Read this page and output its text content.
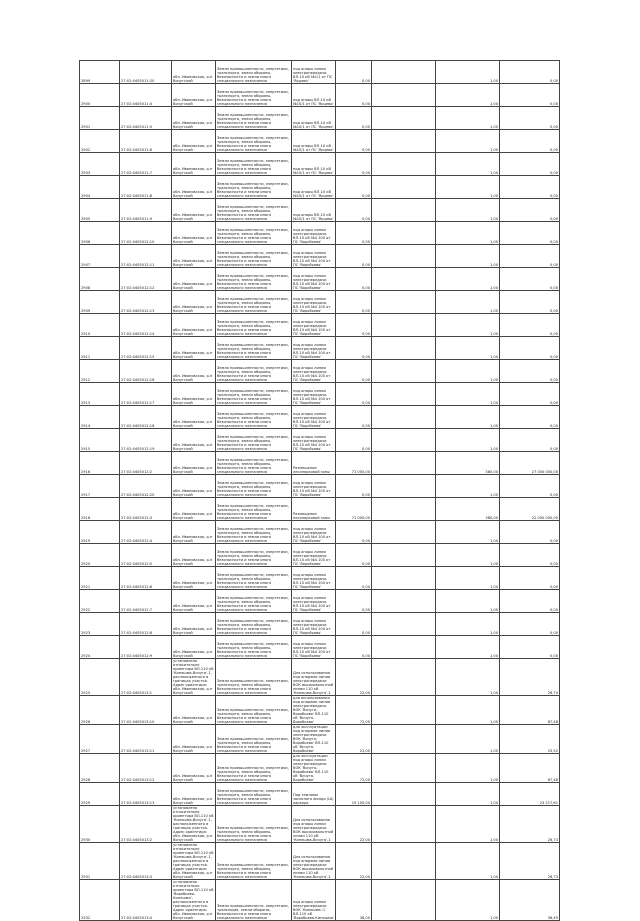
2899	27:02:0405011:20	обл. Ивановская, р-н Вичугский	Земли промышленности, энергетики, транспорта, земли обороны, безопасности и земли иного специального назначения	под опоры линии электропередачи ВЛ-10 кВ №1/1 от ПС 'Ярцево'	0,00		1,00	0,00
2900	27:02:0405011:4	обл. Ивановская, р-н Вичугский	Земли промышленности, энергетики, транспорта, земли обороны, безопасности и земли иного специального назначения	под опоры ВЛ-10 кВ №10/1 от ПС 'Ярцево'	0,00		1,00	0,00
2901	27:02:0405011:5	обл. Ивановская, р-н Вичугский	Земли промышленности, энергетики, транспорта, земли обороны, безопасности и земли иного специального назначения	под опоры ВЛ-10 кВ №10/1 от ПС 'Ярцево'	0,00		1,00	0,00
2902	27:02:0405011:6	обл. Ивановская, р-н Вичугский	Земли промышленности, энергетики, транспорта, земли обороны, безопасности и земли иного специального назначения	под опоры ВЛ-10 кВ №10/1 от ПС 'Ярцево'	0,00		1,00	0,00
2903	27:02:0405011:7	обл. Ивановская, р-н Вичугский	Земли промышленности, энергетики, транспорта, земли обороны, безопасности и земли иного специального назначения	под опоры ВЛ-10 кВ №10/1 от ПС 'Ярцево'	0,00		1,00	0,00
2904	27:02:0405011:8	обл. Ивановская, р-н Вичугский	Земли промышленности, энергетики, транспорта, земли обороны, безопасности и земли иного специального назначения	под опоры ВЛ-10 кВ №10/1 от ПС 'Ярцево'	0,00		1,00	0,00
2905	27:02:0405011:9	обл. Ивановская, р-н Вичугский	Земли промышленности, энергетики, транспорта, земли обороны, безопасности и земли иного специального назначения	под опоры ВЛ-10 кВ №10/1 от ПС 'Ярцево'	0,00		1,00	0,00
2906	27:02:0405012:10	обл. Ивановская, р-н Вичугский	Земли промышленности, энергетики, транспорта, земли обороны, безопасности и земли иного специального назначения	под опоры линии электропередачи ВЛ-10 кВ №4 100 от ПС 'Воробьево'	0,00		1,00	0,00
2907	27:02:0405012:11	обл. Ивановская, р-н Вичугский	Земли промышленности, энергетики, транспорта, земли обороны, безопасности и земли иного специального назначения	под опоры линии электропередачи ВЛ-10 кВ №4 100 от ПС 'Воробьево'	0,00		1,00	0,00
2908	27:02:0405012:12	обл. Ивановская, р-н Вичугский	Земли промышленности, энергетики, транспорта, земли обороны, безопасности и земли иного специального назначения	под опоры линии электропередачи ВЛ-10 кВ №4 100 от ПС 'Воробьево'	0,00		1,00	0,00
2909	27:02:0405012:13	обл. Ивановская, р-н Вичугский	Земли промышленности, энергетики, транспорта, земли обороны, безопасности и земли иного специального назначения	под опоры линии электропередачи ВЛ-10 кВ №4 100 от ПС 'Воробьево'	0,00		1,00	0,00
2910	27:02:0405012:14	обл. Ивановская, р-н Вичугский	Земли промышленности, энергетики, транспорта, земли обороны, безопасности и земли иного специального назначения	под опоры линии электропередачи ВЛ-10 кВ №4 100 от ПС 'Воробьево'	0,00		1,00	0,00
2911	27:02:0405012:15	обл. Ивановская, р-н Вичугский	Земли промышленности, энергетики, транспорта, земли обороны, безопасности и земли иного специального назначения	под опоры линии электропередачи ВЛ-10 кВ №4 100 от ПС 'Воробьево'	0,00		1,00	0,00
2912	27:02:0405012:16	обл. Ивановская, р-н Вичугский	Земли промышленности, энергетики, транспорта, земли обороны, безопасности и земли иного специального назначения	под опоры линии электропередачи ВЛ-10 кВ №4 100 от ПС 'Воробьево'	0,00		1,00	0,00
2913	27:02:0405012:17	обл. Ивановская, р-н Вичугский	Земли промышленности, энергетики, транспорта, земли обороны, безопасности и земли иного специального назначения	под опоры линии электропередачи ВЛ-10 кВ №4 100 от ПС 'Воробьево'	0,00		1,00	0,00
2914	27:02:0405012:18	обл. Ивановская, р-н Вичугский	Земли промышленности, энергетики, транспорта, земли обороны, безопасности и земли иного специального назначения	под опоры линии электропередачи ВЛ-10 кВ №4 100 от ПС 'Воробьево'	0,00		1,00	0,00
2915	27:02:0405012:19	обл. Ивановская, р-н Вичугский	Земли промышленности, энергетики, транспорта, земли обороны, безопасности и земли иного специального назначения	под опоры линии электропередачи ВЛ-10 кВ №4 100 от ПС 'Воробьево'	0,00		1,00	0,00
2916	27:02:0405012:2	обл. Ивановская, р-н Вичугский	Земли промышленности, энергетики, транспорта, земли обороны, безопасности и земли иного специального назначения	Размещение лесопарковой зоны	71 000,00		380,00	27 000 000,00
2917	27:02:0405012:20	обл. Ивановская, р-н Вичугский	Земли промышленности, энергетики, транспорта, земли обороны, безопасности и земли иного специального назначения	под опоры линии электропередачи ВЛ-10 кВ №4 100 от ПС 'Воробьево'	0,00		1,00	0,00
2918	27:02:0405012:3	обл. Ивановская, р-н Вичугский	Земли промышленности, энергетики, транспорта, земли обороны, безопасности и земли иного специального назначения	Размещение лесопарковой зоны	71 000,00		380,00	22 000 000,00
2919	27:02:0405012:4	обл. Ивановская, р-н Вичугский	Земли промышленности, энергетики, транспорта, земли обороны, безопасности и земли иного специального назначения	под опоры линии электропередачи ВЛ-10 кВ №4 100 от ПС 'Воробьево'	0,00		1,00	0,00
2920	27:02:0405012:5	обл. Ивановская, р-н Вичугский	Земли промышленности, энергетики, транспорта, земли обороны, безопасности и земли иного специального назначения	под опоры линии электропередачи ВЛ-10 кВ №4 100 от ПС 'Воробьево'	0,00		1,00	0,00
2921	27:02:0405012:6	обл. Ивановская, р-н Вичугский	Земли промышленности, энергетики, транспорта, земли обороны, безопасности и земли иного специального назначения	под опоры линии электропередачи ВЛ-10 кВ №4 100 от ПС 'Воробьево'	0,00		1,00	0,00
2922	27:02:0405012:7	обл. Ивановская, р-н Вичугский	Земли промышленности, энергетики, транспорта, земли обороны, безопасности и земли иного специального назначения	под опоры линии электропередачи ВЛ-10 кВ №4 100 от ПС 'Воробьево'	0,00		1,00	0,00
2923	27:02:0405012:8	обл. Ивановская, р-н Вичугский	Земли промышленности, энергетики, транспорта, земли обороны, безопасности и земли иного специального назначения	под опоры линии электропередачи ВЛ-10 кВ №4 100 от ПС 'Воробьево'	0,00		1,00	0,00
2924	27:02:0405012:9	обл. Ивановская, р-н Вичугский	Земли промышленности, энергетики, транспорта, земли обороны, безопасности и земли иного специального назначения	под опоры линии электропередачи ВЛ-10 кВ №4 100 от ПС 'Воробьево'	0,00		1,00	0,00
2925	27:02:0405013:1	установлено относительно ориентира ВЛ-110 кВ 'Кинешма-Вичуга'-1, расположенного в границах участка. Адрес ориентира: обл. Ивановская, р-н Вичугский	Земли промышленности, энергетики, транспорта, земли обороны, безопасности и земли иного специального назначения	Для использования под опорами линии электропередачи ВОК высоковольтной линии 110 кВ 'Кинешма-Вичуга'-1	22,00		1,00	26,70
2926	27:02:0405013:10	обл. Ивановская, р-н Вичугский	Земли промышленности, энергетики, транспорта, земли обороны, безопасности и земли иного специального назначения	для использования под опорами линии электропередачи ВОК 'Вичуга-Воробьево' ВЛ-110 кВ 'Вичуга-Воробьево'	72,00		1,00	87,48
2927	27:02:0405013:11	обл. Ивановская, р-н Вичугский	Земли промышленности, энергетики, транспорта, земли обороны, безопасности и земли иного специального назначения	для эксплуатации под опорами линии электропередачи ВОК 'Вичуга-Воробьево' ВЛ-110 кВ 'Вичуга-Воробьево'	21,00		1,00	25,52
2928	27:02:0405013:12	обл. Ивановская, р-н Вичугский	Земли промышленности, энергетики, транспорта, земли обороны, безопасности и земли иного специального назначения	для эксплуатации под опоры линии электропередачи ВОК 'Вичуга-Воробьево' ВЛ-110 кВ 'Вичуга-Воробьево'	72,00		1,00	87,48
2929	27:02:0405013:13	обл. Ивановская, р-н Вичугский	Земли промышленности, энергетики, транспорта, земли обороны, безопасности и земли иного специального назначения	Под землями запасного фонда (Ш) карьера	19 100,00		1,00	23 217,61
2930	27:02:0405013:2	установлено относительно ориентира ВЛ-110 кВ 'Кинешма-Вичуга'-1, расположенного в границах участка. Адрес ориентира: обл. Ивановская, р-н Вичугский	Земли промышленности, энергетики, транспорта, земли обороны, безопасности и земли иного специального назначения	Для использования под опоры линии электропередачи ВОК высоковольтной линии 110 кВ 'Кинешма-Вичуга'-1	22,00		1,00	26,73
2931	27:02:0405013:3	установлено относительно ориентира ВЛ-110 кВ 'Кинешма-Вичуга'-1, расположенного в границах участка. Адрес ориентира: обл. Ивановская, р-н Вичугский	Земли промышленности, энергетики, транспорта, земли обороны, безопасности и земли иного специального назначения	Для использования под опорами линии электропередачи ВОК высоковольтной линии 110 кВ 'Кинешма-Вичуга'-1	22,00		1,00	26,73
2932	27:02:0405013:4	установлено относительно ориентира ВЛ-110 кВ 'Воробьево-Кинешма', расположенного в границах участка. Адрес ориентира: обл. Ивановская, р-н Вичугский	Земли промышленности, энергетики, транспорta, земли обороны, безопасности и земли иного специального назначения	под опоры линии электропередачи ВОК 'Кинешма'-1 ВЛ-110 кВ 'Воробьево-Кинешма'	36,00		1,00	36,45
